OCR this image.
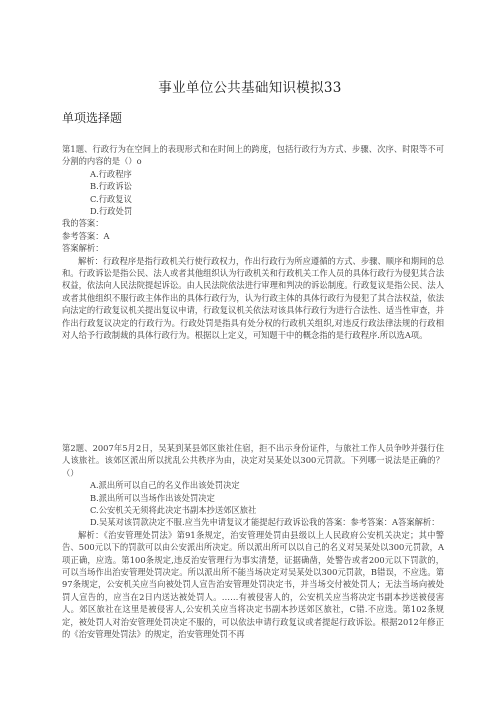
事业单位公共基础知识模拟33
单项选择题

第1题、行政行为在空间上的表现形式和在时间上的跨度，包括行政行为方式、步骤、次序、时限等不可分割的内容的是（）o

A.行政程序

B.行政诉讼

C.行政复议

D.行政处罚

我的答案：

参考答案：A

答案解析：

解析：行政程序是指行政机关行使行政权力，作出行政行为所应遵循的方式、步骤、顺序和期间的总和。行政诉讼是指公民、法人或者其他组织认为行政机关和行政机关工作人员的具体行政行为侵犯其合法权益，依法向人民法院提起诉讼。由人民法院依法进行审理和判决的诉讼制度。行政复议是指公民、法人或者其他组织不服行政主体作出的具体行政行为，认为行政主体的具体行政行为侵犯了其合法权益，依法向法定的行政复议机关提出复议申请，行政复议机关依法对该具体行政行为进行合法性、适当性审查，并作出行政复议决定的行政行为。行政处罚是指具有处分权的行政机关组织,对违反行政法律法规的行政相对人给予行政制裁的具体行政行为。根据以上定义，可知题干中的概念指的是行政程序.所以选A项。

第2题、2007年5月2日，吴某到某县郊区旅社住宿，拒不出示身份证件，与旅社工作人员争吵并强行住人该旅社。该郊区派出所以扰乱公共秩序为由，决定对吴某处以300元罚款。下列哪一说法是正确的？（）

A.派出所可以自己的名义作出该处罚决定

B.派出所可以当场作出该处罚决定

C.公安机关无须将此决定书副本抄送郊区旅社

D.吴某对该罚款决定不服.应当先申请复议才能提起行政诉讼我的答案：参考答案：A答案解析：

解析：《治安管理处罚法》第91条规定，治安管理处罚由县级以上人民政府公安机关决定；其中警告、500元以下的罚款可以由公安派出所决定。所以派出所可以以自己的名义对吴某处以300元罚款，A项正确，应选。第100条规定,违反治安管理行为事实清楚，证据确凿，处警告或者200元以下罚款的，可以当场作出治安管理处罚决定。所以派出所不能当场决定对吴某处以300元罚款，B错误，不应选。第97条规定，公安机关应当向被处罚人宣告治安管理处罚决定书，并当场交付被处罚人；无法当场向被处罚人宣告的，应当在2日内送达被处罚人。……有被侵害人的，公安机关应当将决定书副本抄送被侵害人。郊区旅社在这里是被侵害人,公安机关应当将决定书副本抄送郊区旅社，C错.不应选。第102条规定，被处罚人对治安管理处罚决定不服的，可以依法申请行政复议或者提起行政诉讼。根据2012年修正的《治安管理处罚法》的规定，治安管理处罚不再
